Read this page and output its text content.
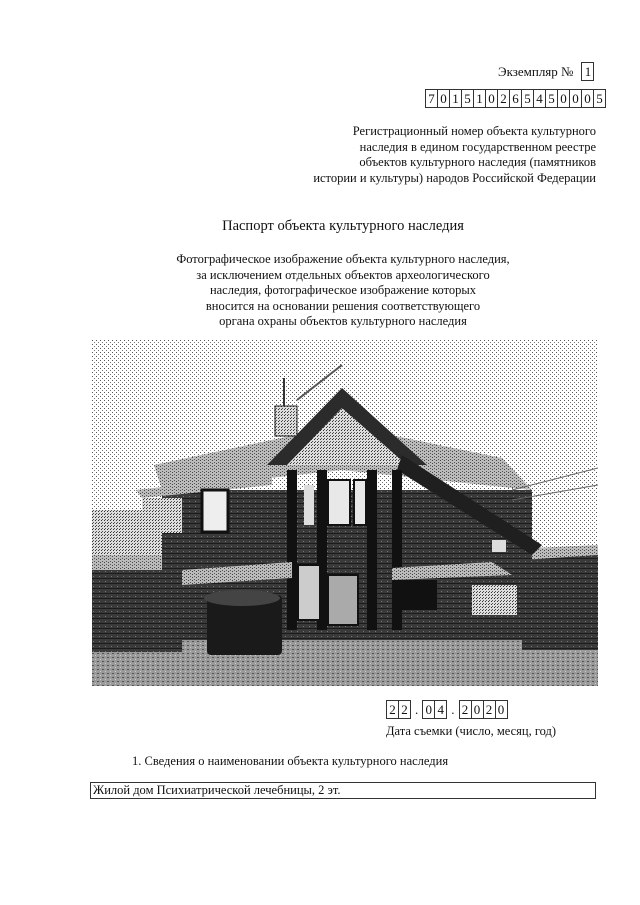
Экземпляр № 1
7 0 1 5 1 0 2 6 5 4 5 0 0 0 5
Регистрационный номер объекта культурного
наследия в едином государственном реестре
объектов культурного наследия (памятников
истории и культуры) народов Российской Федерации
Паспорт объекта культурного наследия
Фотографическое изображение объекта культурного наследия,
за исключением отдельных объектов археологического
наследия, фотографическое изображение которых
вносится на основании решения соответствующего
органа охраны объектов культурного наследия
2 2 . 0 4 . 2 0 2 0
Дата съемки (число, месяц, год)
1. Сведения о наименовании объекта культурного наследия
Жилой дом Психиатрической лечебницы, 2 эт.
